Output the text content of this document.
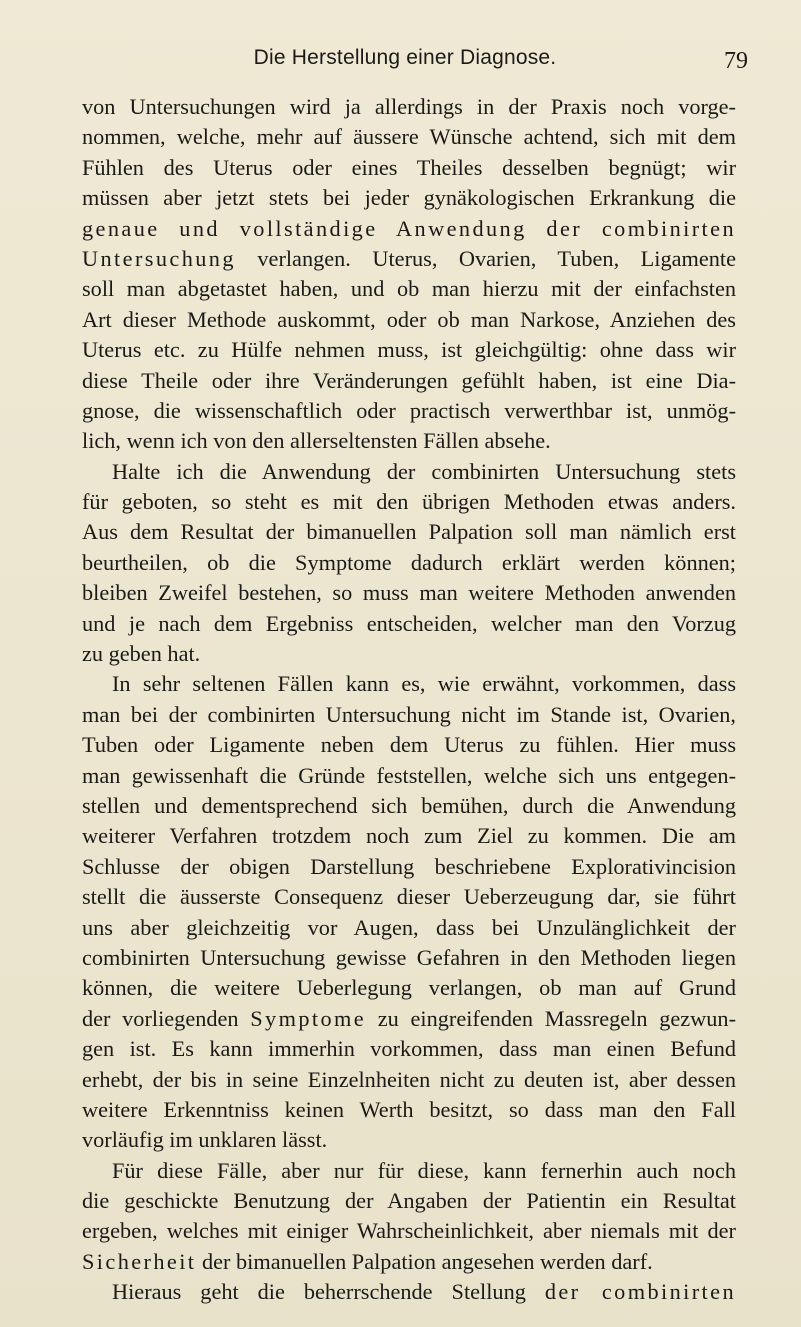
Die Herstellung einer Diagnose.	79
von Untersuchungen wird ja allerdings in der Praxis noch vorge-
nommen, welche, mehr auf äussere Wünsche achtend, sich mit dem
Fühlen des Uterus oder eines Theiles desselben begnügt; wir
müssen aber jetzt stets bei jeder gynäkologischen Erkrankung die
genaue und vollständige Anwendung der combinirten
Untersuchung verlangen. Uterus, Ovarien, Tuben, Ligamente
soll man abgetastet haben, und ob man hierzu mit der einfachsten
Art dieser Methode auskommt, oder ob man Narkose, Anziehen des
Uterus etc. zu Hülfe nehmen muss, ist gleichgültig: ohne dass wir
diese Theile oder ihre Veränderungen gefühlt haben, ist eine Dia-
gnose, die wissenschaftlich oder practisch verwerthbar ist, unmög-
lich, wenn ich von den allerseltensten Fällen absehe.
Halte ich die Anwendung der combinirten Untersuchung stets
für geboten, so steht es mit den übrigen Methoden etwas anders.
Aus dem Resultat der bimanuellen Palpation soll man nämlich erst
beurtheilen, ob die Symptome dadurch erklärt werden können;
bleiben Zweifel bestehen, so muss man weitere Methoden anwenden
und je nach dem Ergebniss entscheiden, welcher man den Vorzug
zu geben hat.
In sehr seltenen Fällen kann es, wie erwähnt, vorkommen, dass
man bei der combinirten Untersuchung nicht im Stande ist, Ovarien,
Tuben oder Ligamente neben dem Uterus zu fühlen. Hier muss
man gewissenhaft die Gründe feststellen, welche sich uns entgegen-
stellen und dementsprechend sich bemühen, durch die Anwendung
weiterer Verfahren trotzdem noch zum Ziel zu kommen. Die am
Schlusse der obigen Darstellung beschriebene Explorativincision
stellt die äusserste Consequenz dieser Ueberzeugung dar, sie führt
uns aber gleichzeitig vor Augen, dass bei Unzulänglichkeit der
combinirten Untersuchung gewisse Gefahren in den Methoden liegen
können, die weitere Ueberlegung verlangen, ob man auf Grund
der vorliegenden Symptome zu eingreifenden Massregeln gezwun-
gen ist. Es kann immerhin vorkommen, dass man einen Befund
erhebt, der bis in seine Einzelnheiten nicht zu deuten ist, aber dessen
weitere Erkenntniss keinen Werth besitzt, so dass man den Fall
vorläufig im unklaren lässt.
Für diese Fälle, aber nur für diese, kann fernerhin auch noch
die geschickte Benutzung der Angaben der Patientin ein Resultat
ergeben, welches mit einiger Wahrscheinlichkeit, aber niemals mit der
Sicherheit der bimanuellen Palpation angesehen werden darf.
Hieraus geht die beherrschende Stellung der combinirten
